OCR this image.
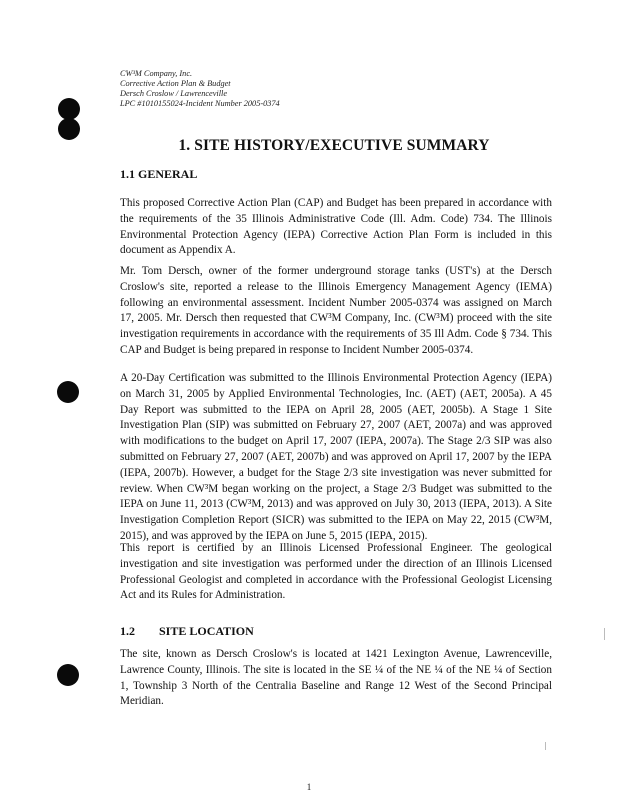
CW³M Company, Inc.
Corrective Action Plan & Budget
Dersch Croslow / Lawrenceville
LPC #1010155024-Incident Number 2005-0374
1. SITE HISTORY/EXECUTIVE SUMMARY
1.1 GENERAL

This proposed Corrective Action Plan (CAP) and Budget has been prepared in accordance with the requirements of the 35 Illinois Administrative Code (Ill. Adm. Code) 734. The Illinois Environmental Protection Agency (IEPA) Corrective Action Plan Form is included in this document as Appendix A.

Mr. Tom Dersch, owner of the former underground storage tanks (UST's) at the Dersch Croslow's site, reported a release to the Illinois Emergency Management Agency (IEMA) following an environmental assessment. Incident Number 2005-0374 was assigned on March 17, 2005. Mr. Dersch then requested that CW³M Company, Inc. (CW³M) proceed with the site investigation requirements in accordance with the requirements of 35 Ill Adm. Code § 734. This CAP and Budget is being prepared in response to Incident Number 2005-0374.

A 20-Day Certification was submitted to the Illinois Environmental Protection Agency (IEPA) on March 31, 2005 by Applied Environmental Technologies, Inc. (AET) (AET, 2005a). A 45 Day Report was submitted to the IEPA on April 28, 2005 (AET, 2005b). A Stage 1 Site Investigation Plan (SIP) was submitted on February 27, 2007 (AET, 2007a) and was approved with modifications to the budget on April 17, 2007 (IEPA, 2007a). The Stage 2/3 SIP was also submitted on February 27, 2007 (AET, 2007b) and was approved on April 17, 2007 by the IEPA (IEPA, 2007b). However, a budget for the Stage 2/3 site investigation was never submitted for review. When CW³M began working on the project, a Stage 2/3 Budget was submitted to the IEPA on June 11, 2013 (CW³M, 2013) and was approved on July 30, 2013 (IEPA, 2013). A Site Investigation Completion Report (SICR) was submitted to the IEPA on May 22, 2015 (CW³M, 2015), and was approved by the IEPA on June 5, 2015 (IEPA, 2015).

This report is certified by an Illinois Licensed Professional Engineer. The geological investigation and site investigation was performed under the direction of an Illinois Licensed Professional Geologist and completed in accordance with the Professional Geologist Licensing Act and its Rules for Administration.

1.2 SITE LOCATION

The site, known as Dersch Croslow's is located at 1421 Lexington Avenue, Lawrenceville, Lawrence County, Illinois. The site is located in the SE ¼ of the NE ¼ of the NE ¼ of Section 1, Township 3 North of the Centralia Baseline and Range 12 West of the Second Principal Meridian.

1
